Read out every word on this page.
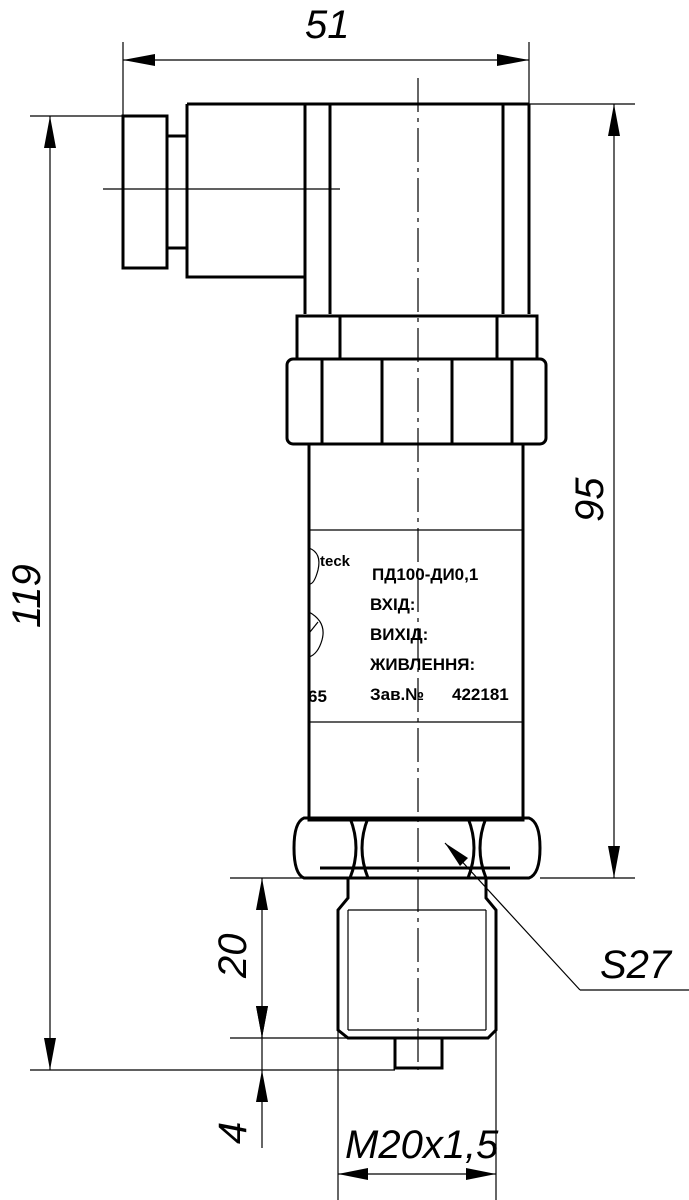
teck
ПД100-ДИ0,1
ВХІД:
ВИХІД:
ЖИВЛЕННЯ:
Зав.№ 422181
65
51
119
95
20
4 M20x1,5
S27
